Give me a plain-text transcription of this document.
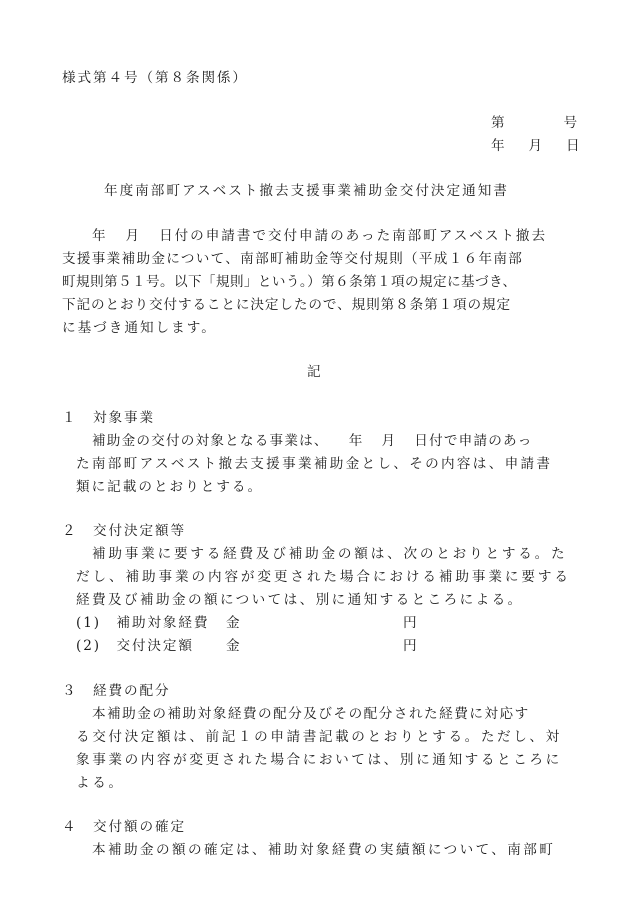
様式第４号（第８条関係）
第	号
年 月 日
年度南部町アスベスト撤去支援事業補助金交付決定通知書
年 月 日付の申請書で交付申請のあった南部町アスベスト撤去
支援事業補助金について、南部町補助金等交付規則（平成１６年南部
町規則第５１号。以下「規則」という。）第６条第１項の規定に基づき、
下記のとおり交付することに決定したので、規則第８条第１項の規定
に基づき通知します。
記
１　対象事業
補助金の交付の対象となる事業は、 年 月 日付で申請のあっ
た南部町アスベスト撤去支援事業補助金とし、その内容は、申請書
類に記載のとおりとする。
２　交付決定額等
補助事業に要する経費及び補助金の額は、次のとおりとする。た
だし、補助事業の内容が変更された場合における補助事業に要する
経費及び補助金の額については、別に通知するところによる。
(1)　補助対象経費 金	円
(2)　交付決定額 金	円
３　経費の配分
本補助金の補助対象経費の配分及びその配分された経費に対応す
る交付決定額は、前記１の申請書記載のとおりとする。ただし、対
象事業の内容が変更された場合においては、別に通知するところに
よる。
４　交付額の確定
本補助金の額の確定は、補助対象経費の実績額について、南部町
